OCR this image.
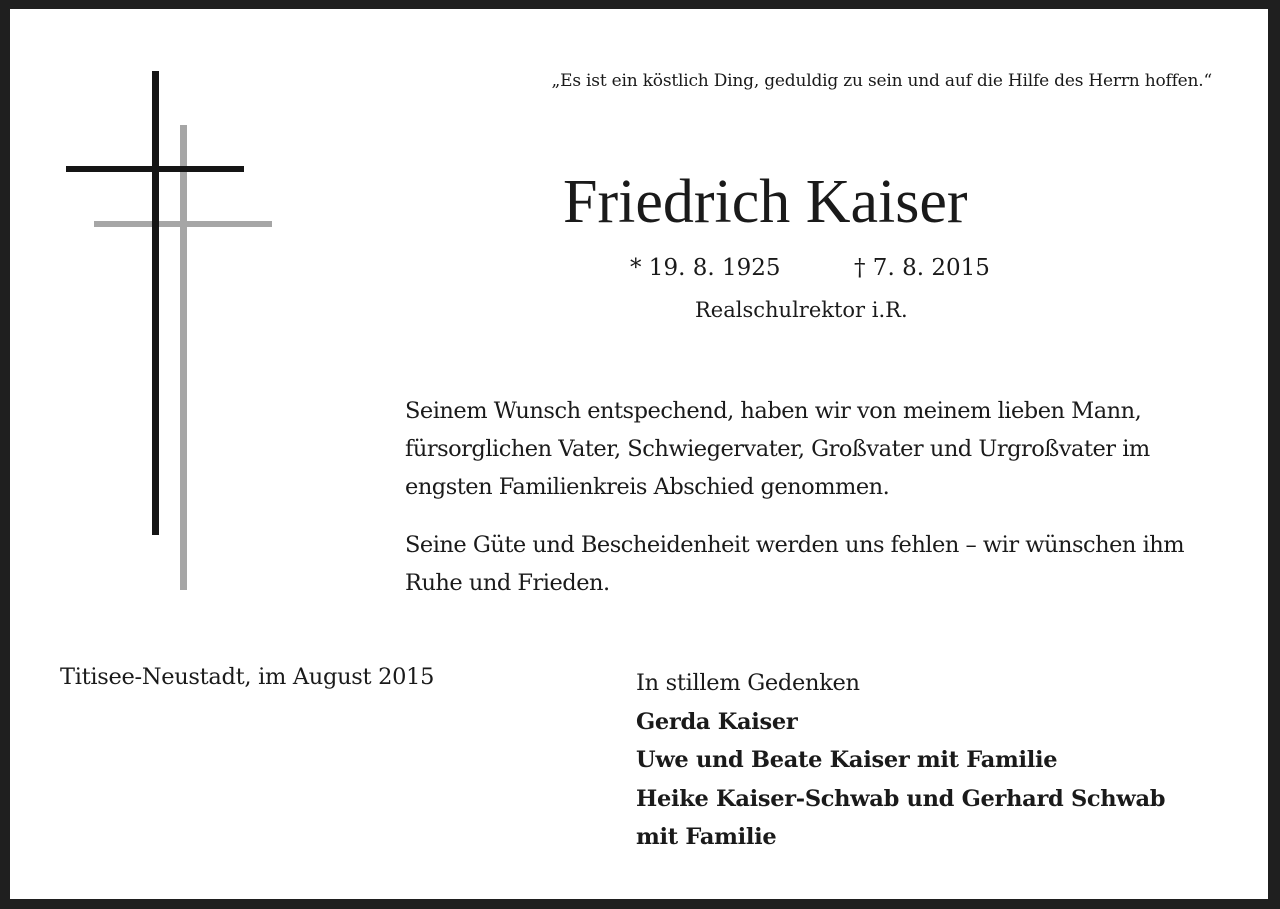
„Es ist ein köstlich Ding, geduldig zu sein und auf die Hilfe des Herrn hoffen.“
Friedrich Kaiser
* 19. 8. 1925	† 7. 8. 2015
Realschulrektor i.R.
Seinem Wunsch entspechend, haben wir von meinem lieben Mann, fürsorglichen Vater, Schwiegervater, Großvater und Urgroßvater im engsten Familienkreis Abschied genommen.
Seine Güte und Bescheidenheit werden uns fehlen – wir wünschen ihm Ruhe und Frieden.
Titisee-Neustadt, im August 2015	In stillem Gedenken
Gerda Kaiser
Uwe und Beate Kaiser mit Familie
Heike Kaiser-Schwab und Gerhard Schwab
mit Familie
